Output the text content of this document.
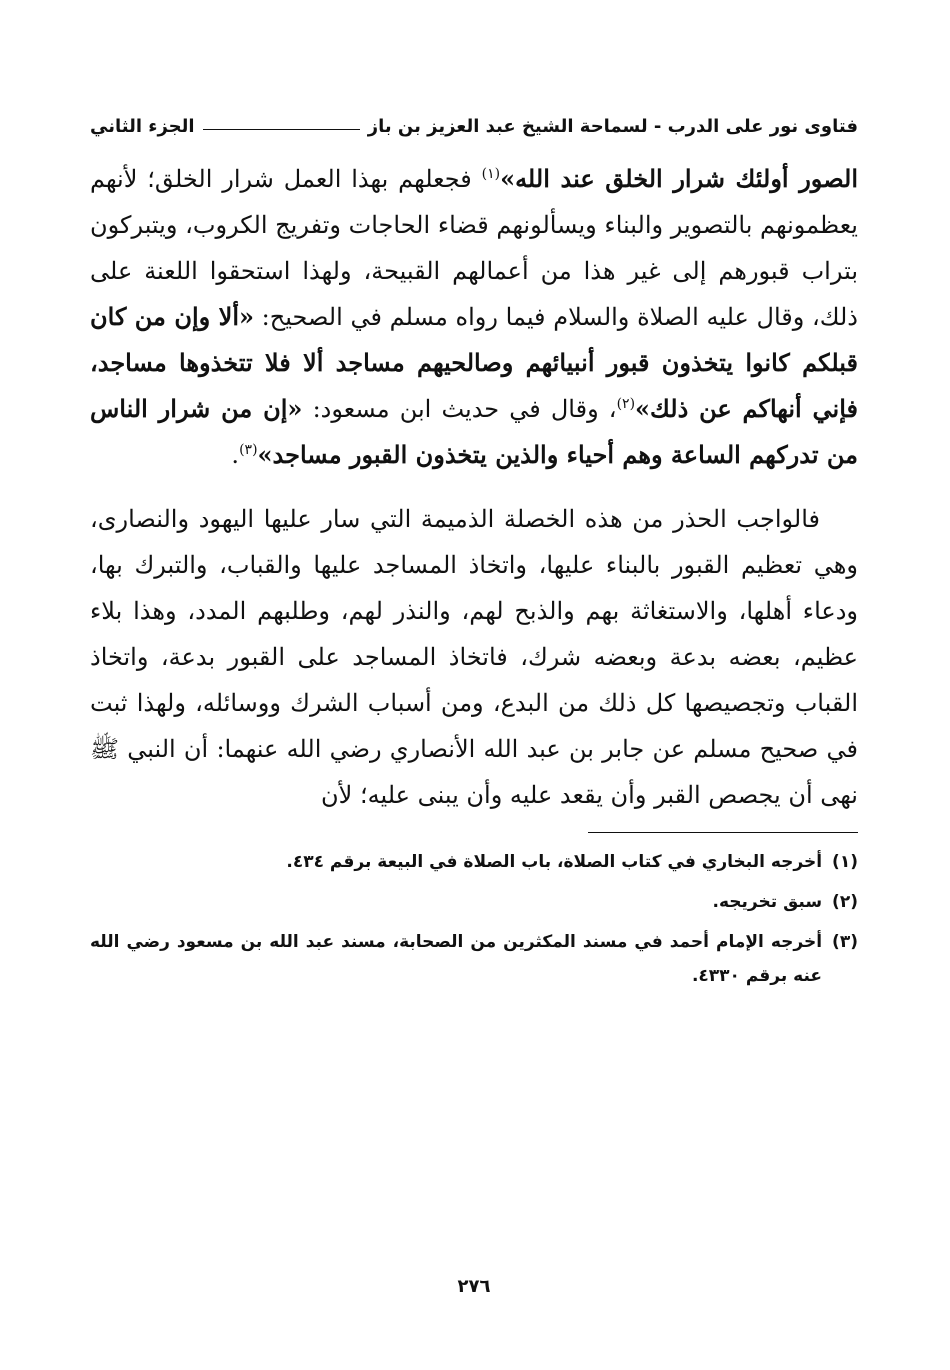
فتاوى نور على الدرب - لسماحة الشيخ عبد العزيز بن باز
الجزء الثاني

الصور أولئك شرار الخلق عند الله»$^{(١)}$ فجعلهم بهذا العمل شرار الخلق؛ لأنهم يعظمونهم بالتصوير والبناء ويسألونهم قضاء الحاجات وتفريج الكروب، ويتبركون بتراب قبورهم إلى غير هذا من أعمالهم القبيحة، ولهذا استحقوا اللعنة على ذلك، وقال عليه الصلاة والسلام فيما رواه مسلم في الصحيح: «ألا وإن من كان قبلكم كانوا يتخذون قبور أنبيائهم وصالحيهم مساجد ألا فلا تتخذوها مساجد، فإني أنهاكم عن ذلك»$^{(٢)}$، وقال في حديث ابن مسعود: «إن من شرار الناس من تدركهم الساعة وهم أحياء والذين يتخذون القبور مساجد»$^{(٣)}$.

فالواجب الحذر من هذه الخصلة الذميمة التي سار عليها اليهود والنصارى، وهي تعظيم القبور بالبناء عليها، واتخاذ المساجد عليها والقباب، والتبرك بها، ودعاء أهلها، والاستغاثة بهم والذبح لهم، والنذر لهم، وطلبهم المدد، وهذا بلاء عظيم، بعضه بدعة وبعضه شرك، فاتخاذ المساجد على القبور بدعة، واتخاذ القباب وتجصيصها كل ذلك من البدع، ومن أسباب الشرك ووسائله، ولهذا ثبت في صحيح مسلم عن جابر بن عبد الله الأنصاري رضي الله عنهما: أن النبي ﷺ نهى أن يجصص القبر وأن يقعد عليه وأن يبنى عليه؛ لأن

(١)
أخرجه البخاري في كتاب الصلاة، باب الصلاة في البيعة برقم ٤٣٤.
(٢)
سبق تخريجه.
(٣)
أخرجه الإمام أحمد في مسند المكثرين من الصحابة، مسند عبد الله بن مسعود رضي الله عنه برقم ٤٣٣٠.
٢٧٦
